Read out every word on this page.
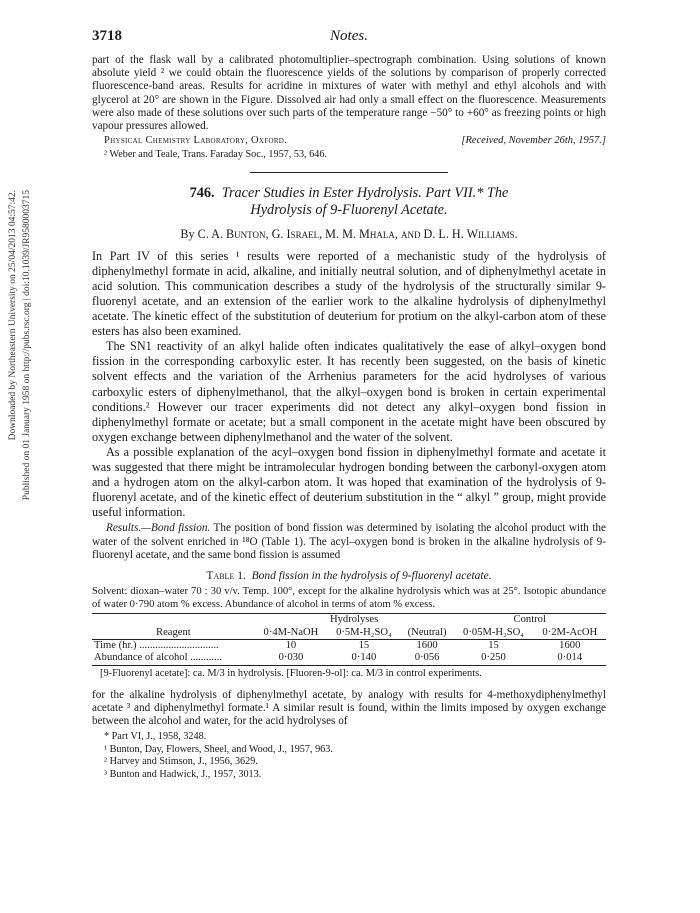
Downloaded by Northeastern University on 25/04/2013 04:57:42. Published on 01 January 1958 on http://pubs.rsc.org | doi:10.1039/JR9580003715
3718	Notes.

part of the flask wall by a calibrated photomultiplier–spectrograph combination. Using solutions of known absolute yield ² we could obtain the fluorescence yields of the solutions by comparison of properly corrected fluorescence-band areas. Results for acridine in mixtures of water with methyl and ethyl alcohols and with glycerol at 20° are shown in the Figure. Dissolved air had only a small effect on the fluorescence. Measurements were also made of these solutions over such parts of the temperature range −50° to +60° as freezing points or high vapour pressures allowed.

Physical Chemistry Laboratory, Oxford.	[Received, November 26th, 1957.]

² Weber and Teale, Trans. Faraday Soc., 1957, 53, 646.

746. Tracer Studies in Ester Hydrolysis. Part VII.* The
Hydrolysis of 9-Fluorenyl Acetate.
By C. A. Bunton, G. Israel, M. M. Mhala, and D. L. H. Williams.

In Part IV of this series ¹ results were reported of a mechanistic study of the hydrolysis of diphenylmethyl formate in acid, alkaline, and initially neutral solution, and of diphenylmethyl acetate in acid solution. This communication describes a study of the hydrolysis of the structurally similar 9-fluorenyl acetate, and an extension of the earlier work to the alkaline hydrolysis of diphenylmethyl acetate. The kinetic effect of the substitution of deuterium for protium on the alkyl-carbon atom of these esters has also been examined.

The SN1 reactivity of an alkyl halide often indicates qualitatively the ease of alkyl–oxygen bond fission in the corresponding carboxylic ester. It has recently been suggested, on the basis of kinetic solvent effects and the variation of the Arrhenius parameters for the acid hydrolyses of various carboxylic esters of diphenylmethanol, that the alkyl–oxygen bond is broken in certain experimental conditions.² However our tracer experiments did not detect any alkyl–oxygen bond fission in diphenylmethyl formate or acetate; but a small component in the acetate might have been obscured by oxygen exchange between diphenylmethanol and the water of the solvent.

As a possible explanation of the acyl–oxygen bond fission in diphenylmethyl formate and acetate it was suggested that there might be intramolecular hydrogen bonding between the carbonyl-oxygen atom and a hydrogen atom on the alkyl-carbon atom. It was hoped that examination of the hydrolysis of 9-fluorenyl acetate, and of the kinetic effect of deuterium substitution in the “ alkyl ” group, might provide useful information.

Results.—Bond fission. The position of bond fission was determined by isolating the alcohol product with the water of the solvent enriched in ¹⁸O (Table 1). The acyl–oxygen bond is broken in the alkaline hydrolysis of 9-fluorenyl acetate, and the same bond fission is assumed

Table 1. Bond fission in the hydrolysis of 9-fluorenyl acetate.

Solvent: dioxan–water 70 : 30 v/v. Temp. 100°, except for the alkaline hydrolysis which was at 25°. Isotopic abundance of water 0·790 atom % excess. Abundance of alcohol in terms of atom % excess.

	Hydrolyses			Control	
Reagent	0·4M-NaOH	0·5M-H₂SO₄	(Neutral)	0·05M-H₂SO₄	0·2M-AcOH
Time (hr.) ..............................	10	15	1600	15	1600
Abundance of alcohol ............	0·030	0·140	0·056	0·250	0·014

[9-Fluorenyl acetate]: ca. M/3 in hydrolysis. [Fluoren-9-ol]: ca. M/3 in control experiments.

for the alkaline hydrolysis of diphenylmethyl acetate, by analogy with results for 4-methoxydiphenylmethyl acetate ³ and diphenylmethyl formate.¹ A similar result is found, within the limits imposed by oxygen exchange between the alcohol and water, for the acid hydrolyses of

* Part VI, J., 1958, 3248.

¹ Bunton, Day, Flowers, Sheel, and Wood, J., 1957, 963.

² Harvey and Stimson, J., 1956, 3629.

³ Bunton and Hadwick, J., 1957, 3013.
